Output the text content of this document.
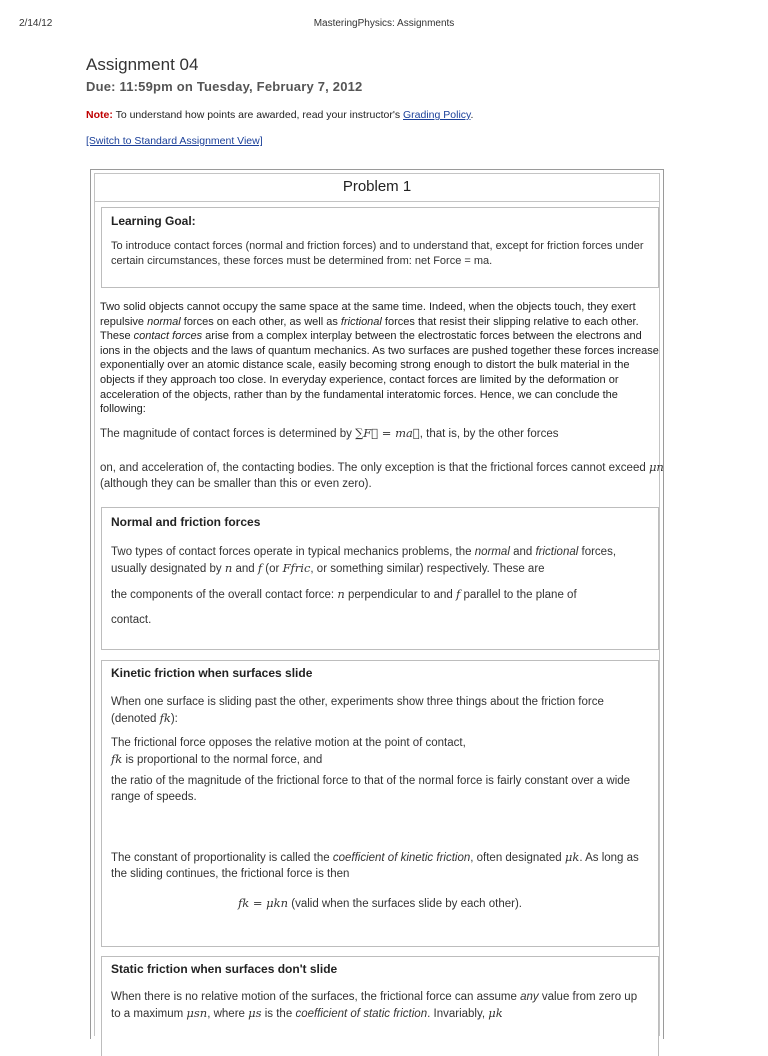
MasteringPhysics: Assignments
2/14/12
Assignment 04
Due: 11:59pm on Tuesday, February 7, 2012
Note: To understand how points are awarded, read your instructor's Grading Policy.
[Switch to Standard Assignment View]
Problem 1
Learning Goal:

To introduce contact forces (normal and friction forces) and to understand that, except for friction forces under certain circumstances, these forces must be determined from: net Force = ma.

Two solid objects cannot occupy the same space at the same time. Indeed, when the objects touch, they exert repulsive normal forces on each other, as well as frictional forces that resist their slipping relative to each other. These contact forces arise from a complex interplay between the electrostatic forces between the electrons and ions in the objects and the laws of quantum mechanics. As two surfaces are pushed together these forces increase exponentially over an atomic distance scale, easily becoming strong enough to distort the bulk material in the objects if they approach too close. In everyday experience, contact forces are limited by the deformation or acceleration of the objects, rather than by the fundamental interatomic forces. Hence, we can conclude the following:

The magnitude of contact forces is determined by ∑F⃗ = ma⃗, that is, by the other forces
on, and acceleration of, the contacting bodies. The only exception is that the frictional forces cannot exceed μn (although they can be smaller than this or even zero).
Normal and friction forces

Two types of contact forces operate in typical mechanics problems, the normal and frictional forces, usually designated by n and f (or Ffric, or something similar) respectively. These are

the components of the overall contact force: n perpendicular to and f parallel to the plane of

contact.

Kinetic friction when surfaces slide

When one surface is sliding past the other, experiments show three things about the friction force (denoted fk):

The frictional force opposes the relative motion at the point of contact,

fk is proportional to the normal force, and

the ratio of the magnitude of the frictional force to that of the normal force is fairly constant over a wide range of speeds.

The constant of proportionality is called the coefficient of kinetic friction, often designated μk. As long as the sliding continues, the frictional force is then

fk = μkn (valid when the surfaces slide by each other).

Static friction when surfaces don't slide

When there is no relative motion of the surfaces, the frictional force can assume any value from zero up to a maximum μsn, where μs is the coefficient of static friction. Invariably, μk
